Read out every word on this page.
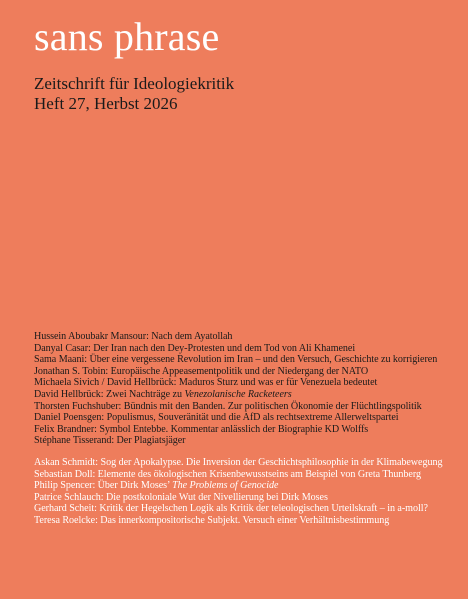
sans phrase
Zeitschrift für Ideologiekritik
Heft 27, Herbst 2026
Hussein Aboubakr Mansour: Nach dem Ayatollah
Danyal Casar: Der Iran nach den Dey-Protesten und dem Tod von Ali Khamenei
Sama Maani: Über eine vergessene Revolution im Iran – und den Versuch, Geschichte zu korrigieren
Jonathan S. Tobin: Europäische Appeasementpolitik und der Niedergang der NATO
Michaela Sivich / David Hellbrück: Maduros Sturz und was er für Venezuela bedeutet
David Hellbrück: Zwei Nachträge zu Venezolanische Racketeers
Thorsten Fuchshuber: Bündnis mit den Banden. Zur politischen Ökonomie der Flüchtlingspolitik
Daniel Poensgen: Populismus, Souveränität und die AfD als rechtsextreme Allerweltspartei
Felix Brandner: Symbol Entebbe. Kommentar anlässlich der Biographie KD Wolffs
Stéphane Tisserand: Der Plagiatsjäger
Askan Schmidt: Sog der Apokalypse. Die Inversion der Geschichtsphilosophie in der Klimabewegung
Sebastian Doll: Elemente des ökologischen Krisenbewusstseins am Beispiel von Greta Thunberg
Philip Spencer: Über Dirk Moses’ The Problems of Genocide
Patrice Schlauch: Die postkoloniale Wut der Nivellierung bei Dirk Moses
Gerhard Scheit: Kritik der Hegelschen Logik als Kritik der teleologischen Urteilskraft – in a-moll?
Teresa Roelcke: Das innerkompositorische Subjekt. Versuch einer Verhältnisbestimmung
